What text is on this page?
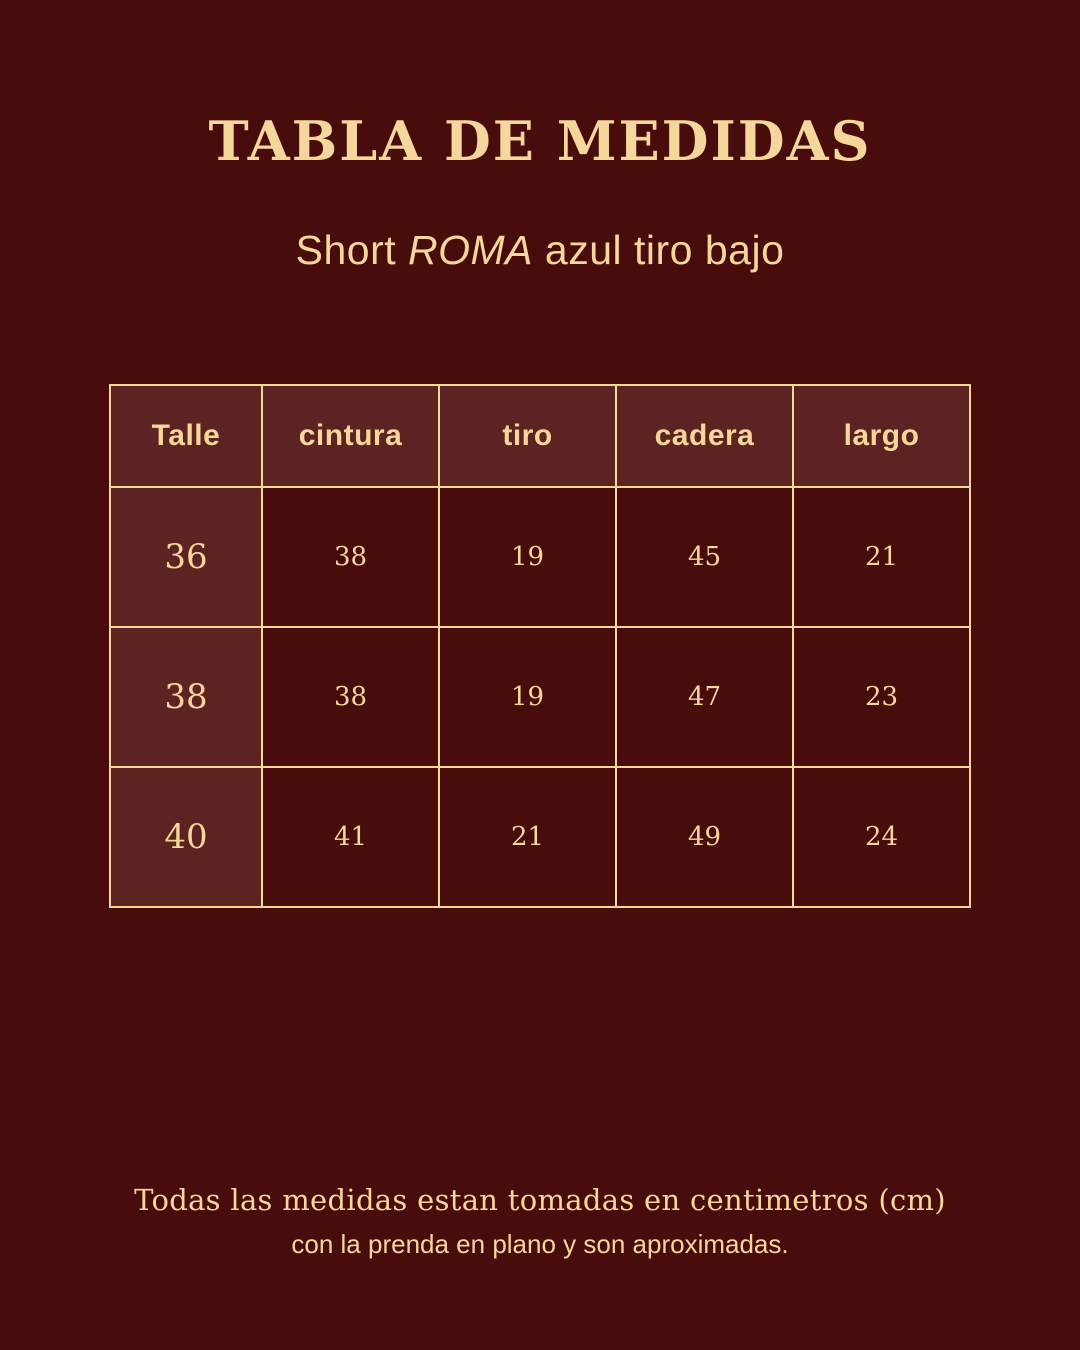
TABLA DE MEDIDAS
Short ROMA azul tiro bajo
Talle	cintura	tiro	cadera	largo
36	38	19	45	21
38	38	19	47	23
40	41	21	49	24
Todas las medidas estan tomadas en centimetros (cm)
con la prenda en plano y son aproximadas.
